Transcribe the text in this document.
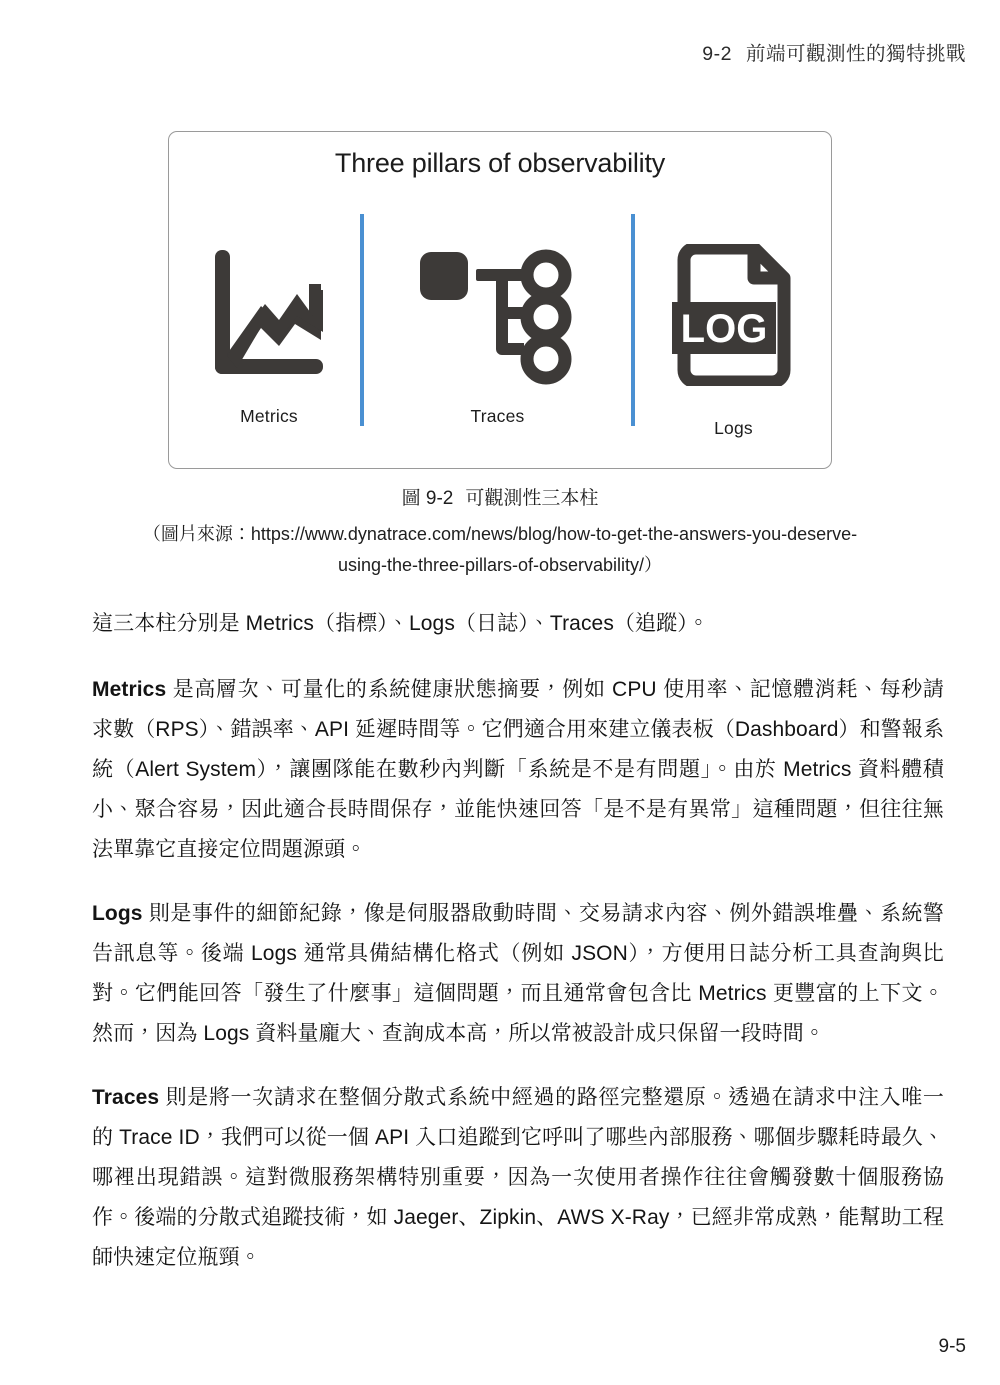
9-2 前端可觀測性的獨特挑戰
Three pillars of observability
Metrics	Traces
LOG
Logs
圖 9-2 可觀測性三本柱
（圖片來源：https://www.dynatrace.com/news/blog/how-to-get-the-answers-you-deserve-using-the-three-pillars-of-observability/）

這三本柱分別是 Metrics（指標）、Logs（日誌）、Traces（追蹤）。

Metrics 是高層次、可量化的系統健康狀態摘要，例如 CPU 使用率、記憶體消耗、每秒請求數（RPS）、錯誤率、API 延遲時間等。它們適合用來建立儀表板（Dashboard）和警報系統（Alert System），讓團隊能在數秒內判斷「系統是不是有問題」。由於 Metrics 資料體積小、聚合容易，因此適合長時間保存，並能快速回答「是不是有異常」這種問題，但往往無法單靠它直接定位問題源頭。

Logs 則是事件的細節紀錄，像是伺服器啟動時間、交易請求內容、例外錯誤堆疊、系統警告訊息等。後端 Logs 通常具備結構化格式（例如 JSON），方便用日誌分析工具查詢與比對。它們能回答「發生了什麼事」這個問題，而且通常會包含比 Metrics 更豐富的上下文。然而，因為 Logs 資料量龐大、查詢成本高，所以常被設計成只保留一段時間。

Traces 則是將一次請求在整個分散式系統中經過的路徑完整還原。透過在請求中注入唯一的 Trace ID，我們可以從一個 API 入口追蹤到它呼叫了哪些內部服務、哪個步驟耗時最久、哪裡出現錯誤。這對微服務架構特別重要，因為一次使用者操作往往會觸發數十個服務協作。後端的分散式追蹤技術，如 Jaeger、Zipkin、AWS X-Ray，已經非常成熟，能幫助工程師快速定位瓶頸。

9-5
